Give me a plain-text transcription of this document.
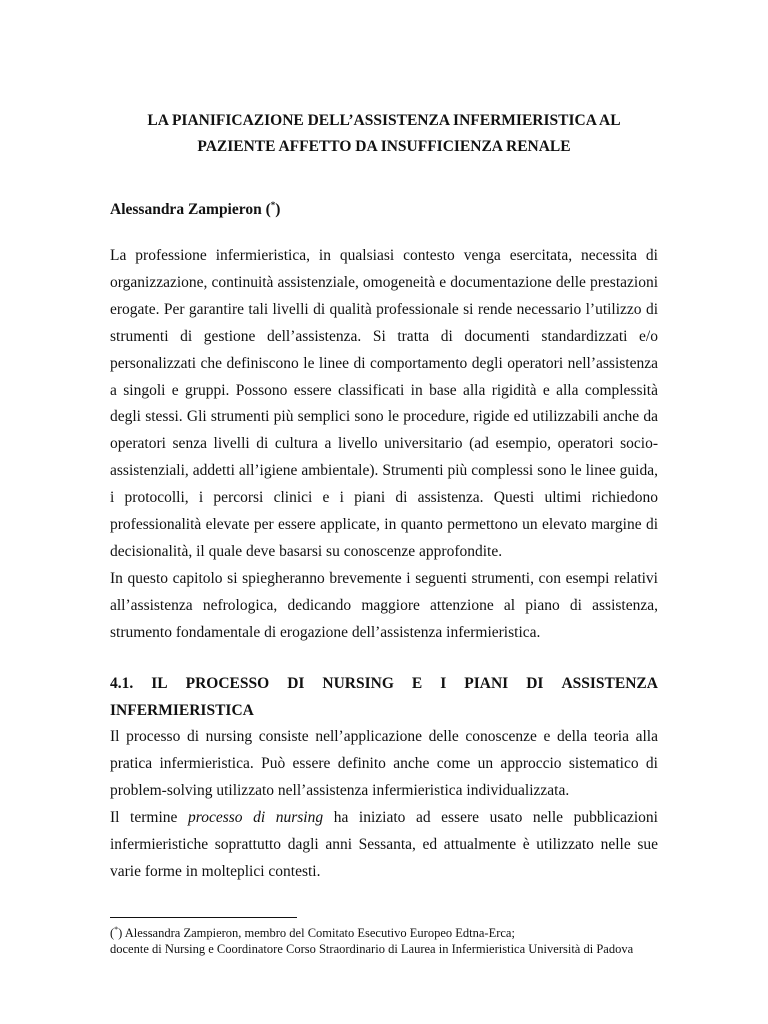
LA PIANIFICAZIONE DELL’ASSISTENZA INFERMIERISTICA AL
PAZIENTE AFFETTO DA INSUFFICIENZA RENALE
Alessandra Zampieron (*)

La professione infermieristica, in qualsiasi contesto venga esercitata, necessita di organizzazione, continuità assistenziale, omogeneità e documentazione delle prestazioni erogate. Per garantire tali livelli di qualità professionale si rende necessario l’utilizzo di strumenti di gestione dell’assistenza. Si tratta di documenti standardizzati e/o personalizzati che definiscono le linee di comportamento degli operatori nell’assistenza a singoli e gruppi. Possono essere classificati in base alla rigidità e alla complessità degli stessi. Gli strumenti più semplici sono le procedure, rigide ed utilizzabili anche da operatori senza livelli di cultura a livello universitario (ad esempio, operatori socio-assistenziali, addetti all’igiene ambientale). Strumenti più complessi sono le linee guida, i protocolli, i percorsi clinici e i piani di assistenza. Questi ultimi richiedono professionalità elevate per essere applicate, in quanto permettono un elevato margine di decisionalità, il quale deve basarsi su conoscenze approfondite.

In questo capitolo si spiegheranno brevemente i seguenti strumenti, con esempi relativi all’assistenza nefrologica, dedicando maggiore attenzione al piano di assistenza, strumento fondamentale di erogazione dell’assistenza infermieristica.

4.1. IL PROCESSO DI NURSING E I PIANI DI ASSISTENZA
INFERMIERISTICA

Il processo di nursing consiste nell’applicazione delle conoscenze e della teoria alla pratica infermieristica. Può essere definito anche come un approccio sistematico di problem-solving utilizzato nell’assistenza infermieristica individualizzata.

Il termine processo di nursing ha iniziato ad essere usato nelle pubblicazioni infermieristiche soprattutto dagli anni Sessanta, ed attualmente è utilizzato nelle sue varie forme in molteplici contesti.

(*) Alessandra Zampieron, membro del Comitato Esecutivo Europeo Edtna-Erca;

docente di Nursing e Coordinatore Corso Straordinario di Laurea in Infermieristica Università di Padova
